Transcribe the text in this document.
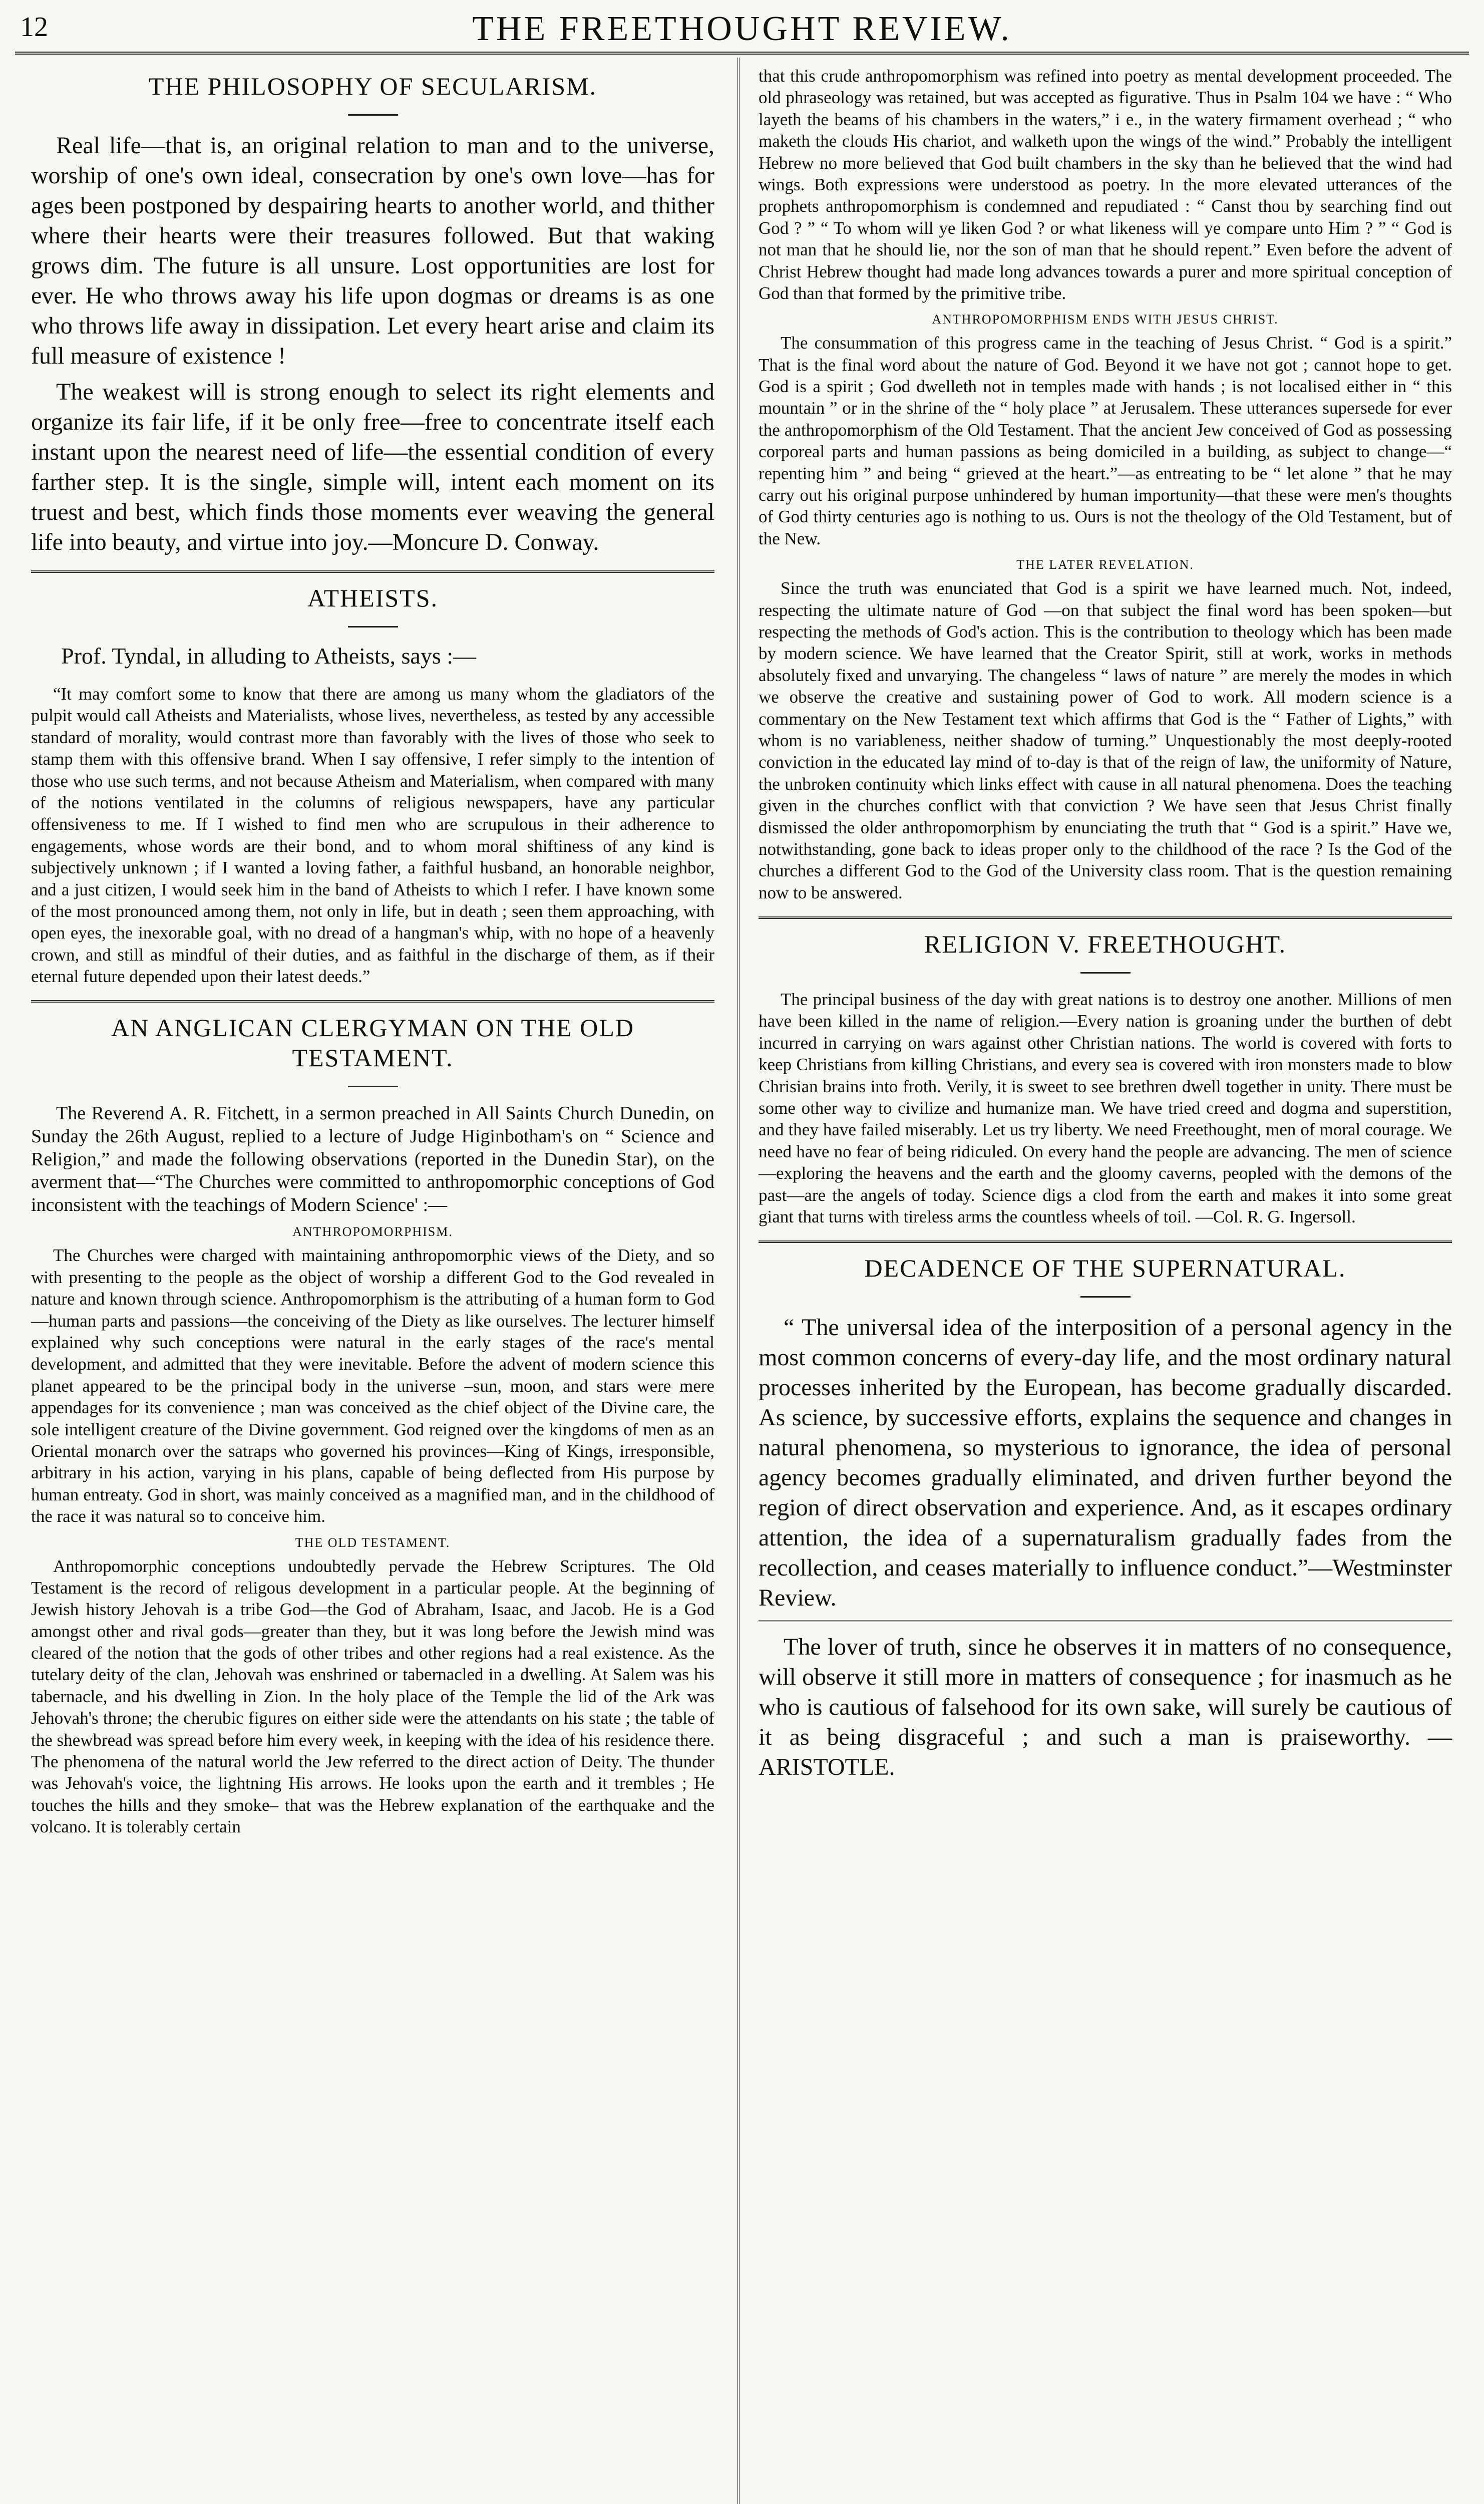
12	THE FREETHOUGHT REVIEW.
THE PHILOSOPHY OF SECULARISM.

Real life—that is, an original relation to man and to the universe, worship of one's own ideal, consecration by one's own love—has for ages been postponed by despairing hearts to another world, and thither where their hearts were their treasures followed. But that waking grows dim. The future is all unsure. Lost opportunities are lost for ever. He who throws away his life upon dogmas or dreams is as one who throws life away in dissipation. Let every heart arise and claim its full measure of existence !

The weakest will is strong enough to select its right elements and organize its fair life, if it be only free—free to concentrate itself each instant upon the nearest need of life—the essential condition of every farther step. It is the single, simple will, intent each moment on its truest and best, which finds those moments ever weaving the general life into beauty, and virtue into joy.—Moncure D. Conway.

ATHEISTS.

Prof. Tyndal, in alluding to Atheists, says :—

“It may comfort some to know that there are among us many whom the gladiators of the pulpit would call Atheists and Materialists, whose lives, nevertheless, as tested by any accessible standard of morality, would contrast more than favorably with the lives of those who seek to stamp them with this offensive brand. When I say offensive, I refer simply to the intention of those who use such terms, and not because Atheism and Materialism, when compared with many of the notions ventilated in the columns of religious newspapers, have any particular offensiveness to me. If I wished to find men who are scrupulous in their adherence to engagements, whose words are their bond, and to whom moral shiftiness of any kind is subjectively unknown ; if I wanted a loving father, a faithful husband, an honorable neighbor, and a just citizen, I would seek him in the band of Atheists to which I refer. I have known some of the most pronounced among them, not only in life, but in death ; seen them approaching, with open eyes, the inexorable goal, with no dread of a hangman's whip, with no hope of a heavenly crown, and still as mindful of their duties, and as faithful in the discharge of them, as if their eternal future depended upon their latest deeds.”

AN ANGLICAN CLERGYMAN ON THE OLD TESTAMENT.

The Reverend A. R. Fitchett, in a sermon preached in All Saints Church Dunedin, on Sunday the 26th August, replied to a lecture of Judge Higinbotham's on “ Science and Religion,” and made the following observations (reported in the Dunedin Star), on the averment that—“The Churches were committed to anthropomorphic conceptions of God inconsistent with the teachings of Modern Science' :—

ANTHROPOMORPHISM.

The Churches were charged with maintaining anthropomorphic views of the Diety, and so with presenting to the people as the object of worship a different God to the God revealed in nature and known through science. Anthropomorphism is the attributing of a human form to God—human parts and passions—the conceiving of the Diety as like ourselves. The lecturer himself explained why such conceptions were natural in the early stages of the race's mental development, and admitted that they were inevitable. Before the advent of modern science this planet appeared to be the principal body in the universe –sun, moon, and stars were mere appendages for its convenience ; man was conceived as the chief object of the Divine care, the sole intelligent creature of the Divine government. God reigned over the kingdoms of men as an Oriental monarch over the satraps who governed his provinces—King of Kings, irresponsible, arbitrary in his action, varying in his plans, capable of being deflected from His purpose by human entreaty. God in short, was mainly conceived as a magnified man, and in the childhood of the race it was natural so to conceive him.

THE OLD TESTAMENT.

Anthropomorphic conceptions undoubtedly pervade the Hebrew Scriptures. The Old Testament is the record of religous development in a particular people. At the beginning of Jewish history Jehovah is a tribe God—the God of Abraham, Isaac, and Jacob. He is a God amongst other and rival gods—greater than they, but it was long before the Jewish mind was cleared of the notion that the gods of other tribes and other regions had a real existence. As the tutelary deity of the clan, Jehovah was enshrined or tabernacled in a dwelling. At Salem was his tabernacle, and his dwelling in Zion. In the holy place of the Temple the lid of the Ark was Jehovah's throne; the cherubic figures on either side were the attendants on his state ; the table of the shewbread was spread before him every week, in keeping with the idea of his residence there. The phenomena of the natural world the Jew referred to the direct action of Deity. The thunder was Jehovah's voice, the lightning His arrows. He looks upon the earth and it trembles ; He touches the hills and they smoke– that was the Hebrew explanation of the earthquake and the volcano. It is tolerably certain

that this crude anthropomorphism was refined into poetry as mental development proceeded. The old phraseology was retained, but was accepted as figurative. Thus in Psalm 104 we have : “ Who layeth the beams of his chambers in the waters,” i e., in the watery firmament overhead ; “ who maketh the clouds His chariot, and walketh upon the wings of the wind.” Probably the intelligent Hebrew no more believed that God built chambers in the sky than he believed that the wind had wings. Both expressions were understood as poetry. In the more elevated utterances of the prophets anthropomorphism is condemned and repudiated : “ Canst thou by searching find out God ? ” “ To whom will ye liken God ? or what likeness will ye compare unto Him ? ” “ God is not man that he should lie, nor the son of man that he should repent.” Even before the advent of Christ Hebrew thought had made long advances towards a purer and more spiritual conception of God than that formed by the primitive tribe.

ANTHROPOMORPHISM ENDS WITH JESUS CHRIST.

The consummation of this progress came in the teaching of Jesus Christ. “ God is a spirit.” That is the final word about the nature of God. Beyond it we have not got ; cannot hope to get. God is a spirit ; God dwelleth not in temples made with hands ; is not localised either in “ this mountain ” or in the shrine of the “ holy place ” at Jerusalem. These utterances supersede for ever the anthropomorphism of the Old Testament. That the ancient Jew conceived of God as possessing corporeal parts and human passions as being domiciled in a building, as subject to change—“ repenting him ” and being “ grieved at the heart.”—as entreating to be “ let alone ” that he may carry out his original purpose unhindered by human importunity—that these were men's thoughts of God thirty centuries ago is nothing to us. Ours is not the theology of the Old Testament, but of the New.

THE LATER REVELATION.

Since the truth was enunciated that God is a spirit we have learned much. Not, indeed, respecting the ultimate nature of God —on that subject the final word has been spoken—but respecting the methods of God's action. This is the contribution to theology which has been made by modern science. We have learned that the Creator Spirit, still at work, works in methods absolutely fixed and unvarying. The changeless “ laws of nature ” are merely the modes in which we observe the creative and sustaining power of God to work. All modern science is a commentary on the New Testament text which affirms that God is the “ Father of Lights,” with whom is no variableness, neither shadow of turning.” Unquestionably the most deeply-rooted conviction in the educated lay mind of to-day is that of the reign of law, the uniformity of Nature, the unbroken continuity which links effect with cause in all natural phenomena. Does the teaching given in the churches conflict with that conviction ? We have seen that Jesus Christ finally dismissed the older anthropomorphism by enunciating the truth that “ God is a spirit.” Have we, notwithstanding, gone back to ideas proper only to the childhood of the race ? Is the God of the churches a different God to the God of the University class room. That is the question remaining now to be answered.

RELIGION V. FREETHOUGHT.

The principal business of the day with great nations is to destroy one another. Millions of men have been killed in the name of religion.—Every nation is groaning under the burthen of debt incurred in carrying on wars against other Christian nations. The world is covered with forts to keep Christians from killing Christians, and every sea is covered with iron monsters made to blow Chrisian brains into froth. Verily, it is sweet to see brethren dwell together in unity. There must be some other way to civilize and humanize man. We have tried creed and dogma and superstition, and they have failed miserably. Let us try liberty. We need Freethought, men of moral courage. We need have no fear of being ridiculed. On every hand the people are advancing. The men of science—exploring the heavens and the earth and the gloomy caverns, peopled with the demons of the past—are the angels of today. Science digs a clod from the earth and makes it into some great giant that turns with tireless arms the countless wheels of toil. —Col. R. G. Ingersoll.

DECADENCE OF THE SUPERNATURAL.

“ The universal idea of the interposition of a personal agency in the most common concerns of every-day life, and the most ordinary natural processes inherited by the European, has become gradually discarded. As science, by successive efforts, explains the sequence and changes in natural phenomena, so mysterious to ignorance, the idea of personal agency becomes gradually eliminated, and driven further beyond the region of direct observation and experience. And, as it escapes ordinary attention, the idea of a supernaturalism gradually fades from the recollection, and ceases materially to influence conduct.”—Westminster Review.

The lover of truth, since he observes it in matters of no consequence, will observe it still more in matters of consequence ; for inasmuch as he who is cautious of falsehood for its own sake, will surely be cautious of it as being disgraceful ; and such a man is praiseworthy. —ARISTOTLE.
